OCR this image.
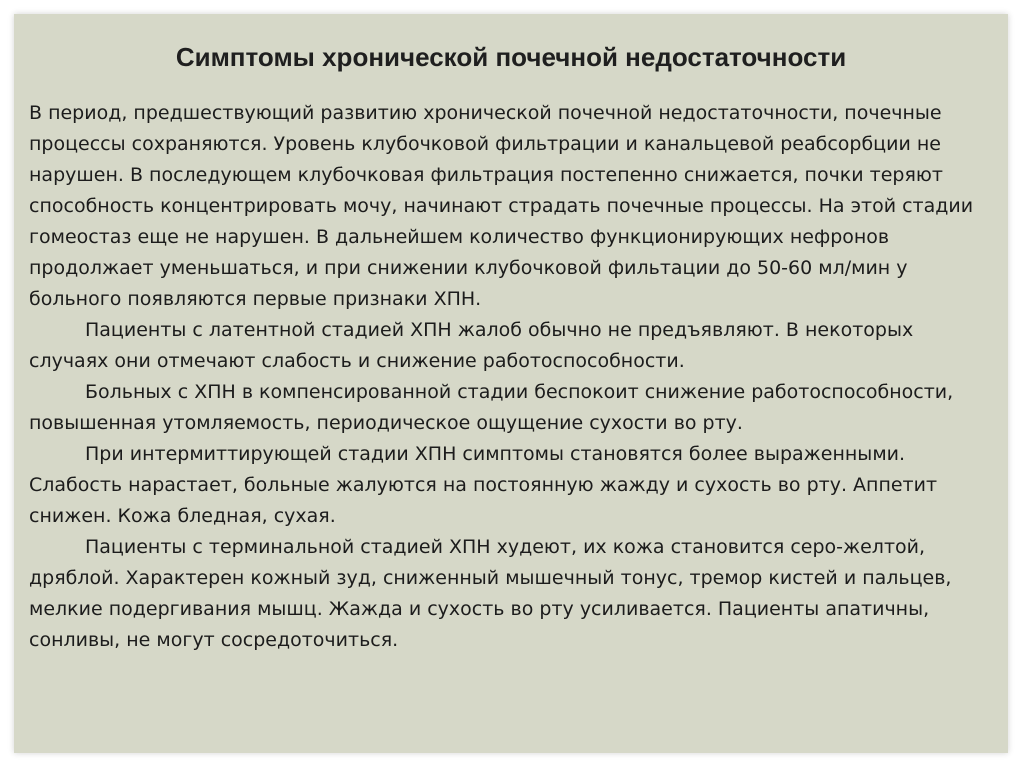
Симптомы хронической почечной недостаточности

В период, предшествующий развитию хронической почечной недостаточности, почечные процессы сохраняются. Уровень клубочковой фильтрации и канальцевой реабсорбции не нарушен. В последующем клубочковая фильтрация постепенно снижается, почки теряют способность концентрировать мочу, начинают страдать почечные процессы. На этой стадии гомеостаз еще не нарушен. В дальнейшем количество функционирующих нефронов продолжает уменьшаться, и при снижении клубочковой фильтации до 50-60 мл/мин у больного появляются первые признаки ХПН.

Пациенты с латентной стадией ХПН жалоб обычно не предъявляют. В некоторых случаях они отмечают слабость и снижение работоспособности.

Больных с ХПН в компенсированной стадии беспокоит снижение работоспособности, повышенная утомляемость, периодическое ощущение сухости во рту.

При интермиттирующей стадии ХПН симптомы становятся более выраженными. Слабость нарастает, больные жалуются на постоянную жажду и сухость во рту. Аппетит снижен. Кожа бледная, сухая.

Пациенты с терминальной стадией ХПН худеют, их кожа становится серо-желтой, дряблой. Характерен кожный зуд, сниженный мышечный тонус, тремор кистей и пальцев, мелкие подергивания мышц. Жажда и сухость во рту усиливается. Пациенты апатичны, сонливы, не могут сосредоточиться.
